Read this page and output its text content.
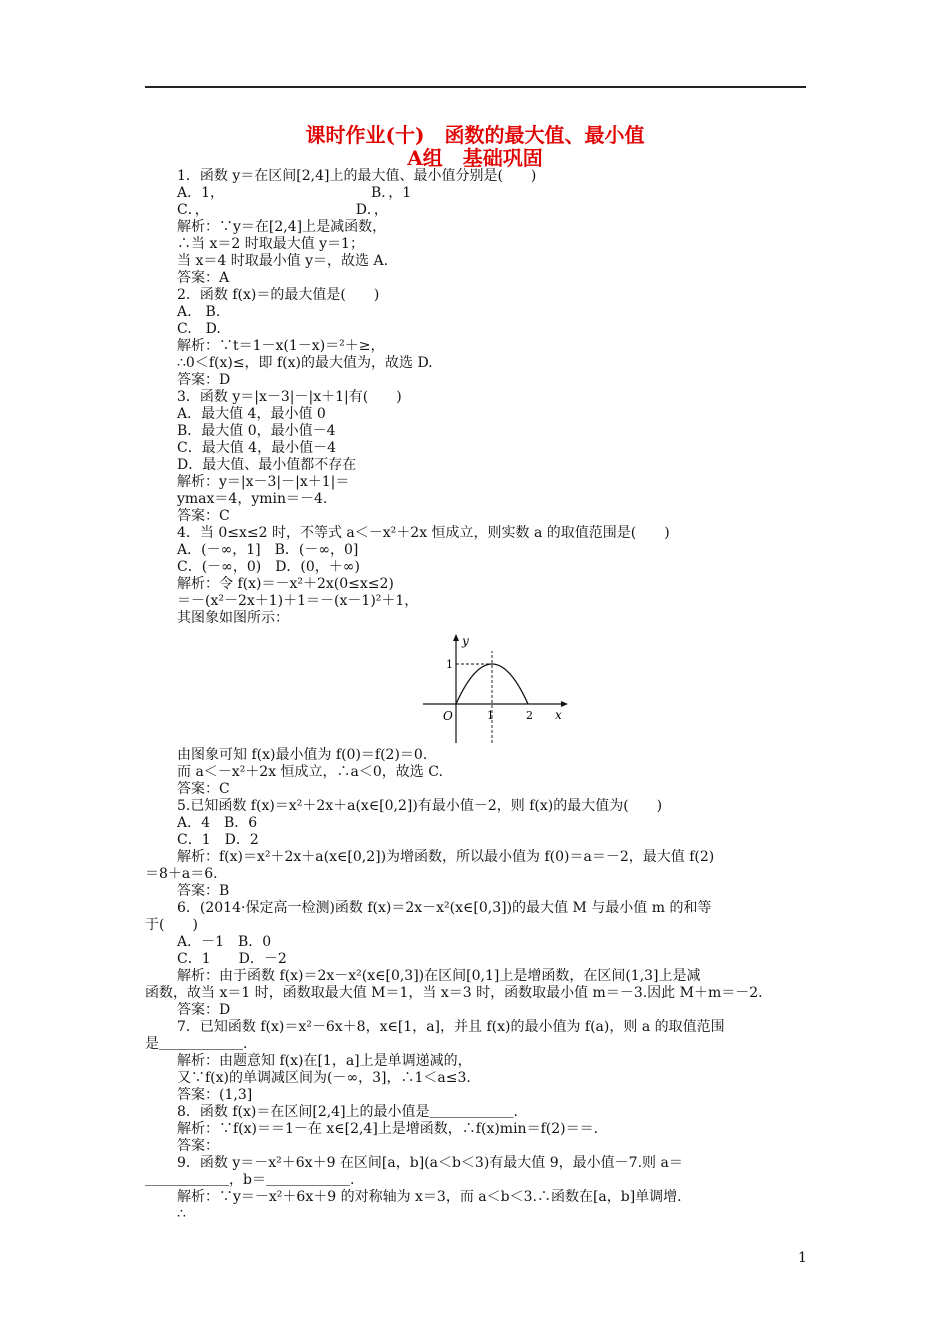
课时作业(十)　函数的最大值、最小值
A组　基础巩固
1．函数 y＝在区间[2,4]上的最大值、最小值分别是(　　)
A．1，　　　　　　　　　　　B．，1
C．，　　　　　　　　　　　D．，
解析：∵y＝在[2,4]上是减函数，
∴当 x＝2 时取最大值 y＝1；
当 x＝4 时取最小值 y＝，故选 A.
答案：A
2．函数 f(x)＝的最大值是(　　)
A.　B.
C.　D.
解析：∵t＝1－x(1－x)＝²＋≥，
∴0＜f(x)≤，即 f(x)的最大值为，故选 D.
答案：D
3．函数 y＝|x－3|－|x＋1|有(　　)
A．最大值 4，最小值 0
B．最大值 0，最小值－4
C．最大值 4，最小值－4
D．最大值、最小值都不存在
解析：y＝|x－3|－|x＋1|＝
ymax＝4，ymin＝－4.
答案：C
4．当 0≤x≤2 时，不等式 a＜－x²＋2x 恒成立，则实数 a 的取值范围是(　　)
A．(－∞，1]　B．(－∞，0]
C．(－∞，0)　D．(0，＋∞)
解析：令 f(x)＝－x²＋2x(0≤x≤2)
＝－(x²－2x＋1)＋1＝－(x－1)²＋1，
其图象如图所示：
y
x
O	1	2
1
由图象可知 f(x)最小值为 f(0)＝f(2)＝0.
而 a＜－x²＋2x 恒成立，∴a＜0，故选 C.
答案：C
5.已知函数 f(x)＝x²＋2x＋a(x∈[0,2])有最小值－2，则 f(x)的最大值为(　　)
A．4　B．6
C．1　D．2
解析：f(x)＝x²＋2x＋a(x∈[0,2])为增函数，所以最小值为 f(0)＝a＝－2，最大值 f(2)
＝8＋a＝6.
答案：B
6．(2014·保定高一检测)函数 f(x)＝2x－x²(x∈[0,3])的最大值 M 与最小值 m 的和等
于(　　)
A．－1　B．0
C．1　　D．－2
解析：由于函数 f(x)＝2x－x²(x∈[0,3])在区间[0,1]上是增函数，在区间(1,3]上是减
函数，故当 x＝1 时，函数取最大值 M＝1，当 x＝3 时，函数取最小值 m＝－3.因此 M＋m＝－2.
答案：D
7．已知函数 f(x)＝x²－6x＋8，x∈[1，a]，并且 f(x)的最小值为 f(a)，则 a 的取值范围
是＿＿＿＿＿＿.
解析：由题意知 f(x)在[1，a]上是单调递减的，
又∵f(x)的单调减区间为(－∞，3]，∴1＜a≤3.
答案：(1,3]
8．函数 f(x)＝在区间[2,4]上的最小值是＿＿＿＿＿＿.
解析：∵f(x)＝＝1－在 x∈[2,4]上是增函数，∴f(x)min＝f(2)＝＝.
答案：
9．函数 y＝－x²＋6x＋9 在区间[a，b](a＜b＜3)有最大值 9，最小值－7.则 a＝
＿＿＿＿＿＿，b＝＿＿＿＿＿＿.
解析：∵y＝－x²＋6x＋9 的对称轴为 x＝3，而 a＜b＜3.∴函数在[a，b]单调增.
∴
1
